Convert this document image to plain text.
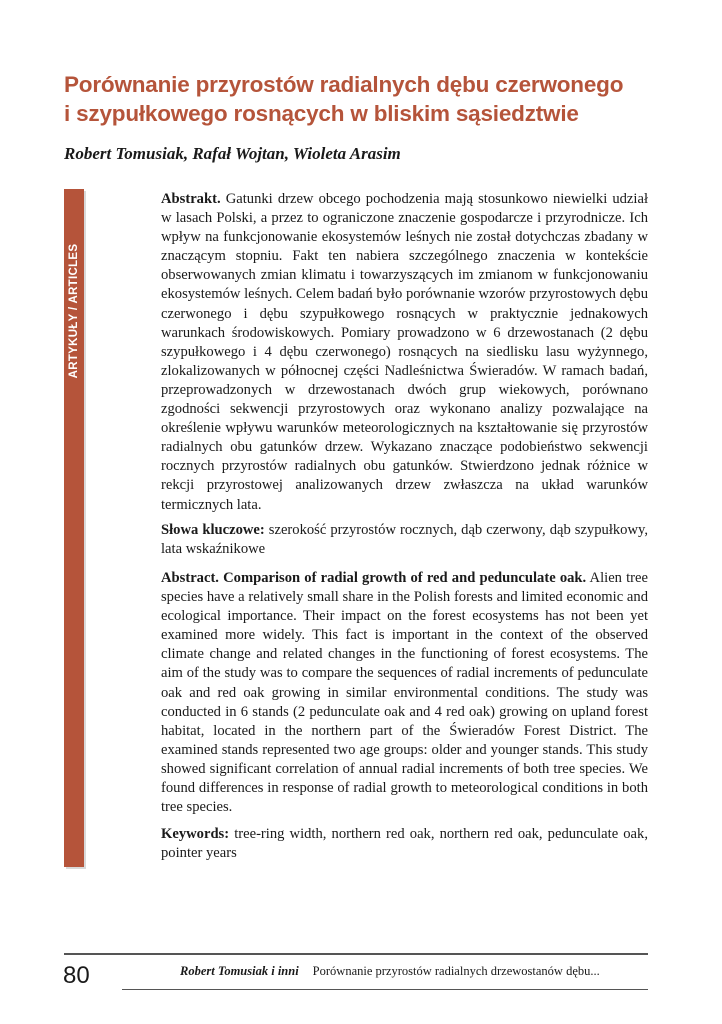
Porównanie przyrostów radialnych dębu czerwonego
i szypułkowego rosnących w bliskim sąsiedztwie
Robert Tomusiak, Rafał Wojtan, Wioleta Arasim
ARTYKUŁY / ARTICLES

Abstrakt. Gatunki drzew obcego pochodzenia mają stosunkowo niewielki udział w lasach Polski, a przez to ograniczone znaczenie gospodarcze i przyrodnicze. Ich wpływ na funkcjonowanie ekosystemów leśnych nie został dotychczas zbadany w znaczącym stopniu. Fakt ten nabiera szczególnego znaczenia w kontekście obserwowanych zmian klimatu i towarzyszących im zmianom w funkcjonowaniu ekosystemów leśnych. Celem badań było porównanie wzorów przyrostowych dębu czerwonego i dębu szypułkowego rosnących w praktycznie jednakowych warunkach środowiskowych. Pomiary prowadzono w 6 drzewostanach (2 dębu szypułkowego i 4 dębu czerwonego) rosnących na siedlisku lasu wyżynnego, zlokalizowanych w północnej części Nadleśnictwa Świeradów. W ramach badań, przeprowadzonych w drzewostanach dwóch grup wiekowych, porównano zgodności sekwencji przyrostowych oraz wykonano analizy pozwalające na określenie wpływu warunków meteorologicznych na kształtowanie się przyrostów radialnych obu gatunków drzew. Wykazano znaczące podobieństwo sekwencji rocznych przyrostów radialnych obu gatunków. Stwierdzono jednak różnice w rekcji przyrostowej analizowanych drzew zwłaszcza na układ warunków termicznych lata.

Słowa kluczowe: szerokość przyrostów rocznych, dąb czerwony, dąb szypułkowy, lata wskaźnikowe

Abstract. Comparison of radial growth of red and pedunculate oak. Alien tree species have a relatively small share in the Polish forests and limited economic and ecological importance. Their impact on the forest ecosystems has not been yet examined more widely. This fact is important in the context of the observed climate change and related changes in the functioning of forest ecosystems. The aim of the study was to compare the sequences of radial increments of pedunculate oak and red oak growing in similar environmental conditions. The study was conducted in 6 stands (2 pedunculate oak and 4 red oak) growing on upland forest habitat, located in the northern part of the Świeradów Forest District. The examined stands represented two age groups: older and younger stands. This study showed significant correlation of annual radial increments of both tree species. We found differences in response of radial growth to meteorological conditions in both tree species.

Keywords: tree-ring width, northern red oak, northern red oak, pedunculate oak, pointer years

80	Robert Tomusiak i inni Porównanie przyrostów radialnych drzewostanów dębu...
